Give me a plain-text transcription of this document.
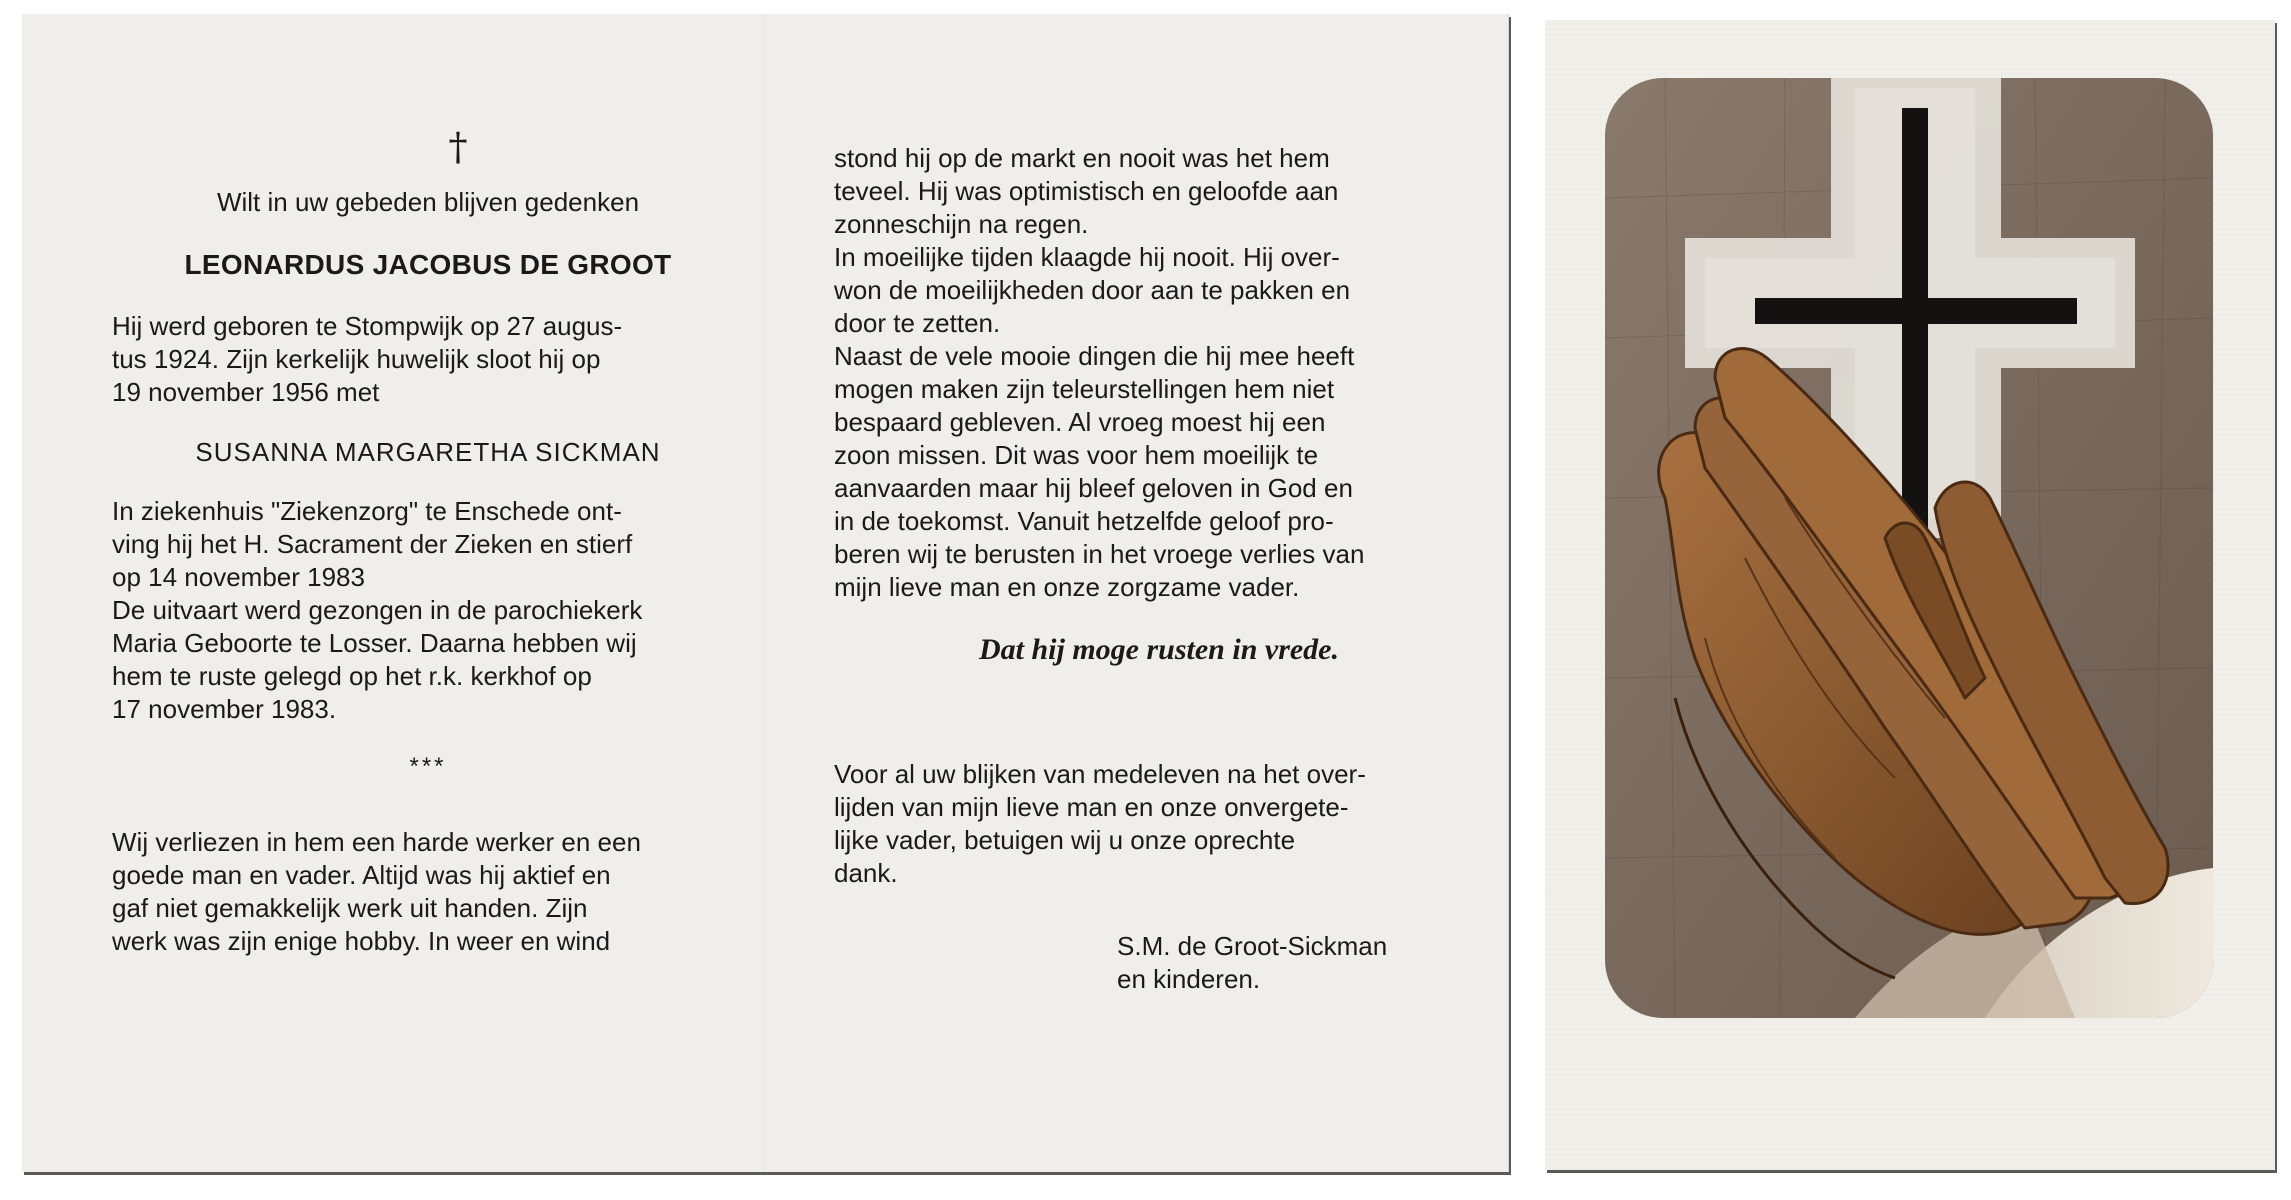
†
Wilt in uw gebeden blijven gedenken
LEONARDUS JACOBUS DE GROOT
Hij werd geboren te Stompwijk op 27 augus-
tus 1924. Zijn kerkelijk huwelijk sloot hij op
19 november 1956 met
SUSANNA MARGARETHA SICKMAN
In ziekenhuis "Ziekenzorg" te Enschede ont-
ving hij het H. Sacrament der Zieken en stierf
op 14 november 1983
De uitvaart werd gezongen in de parochiekerk
Maria Geboorte te Losser. Daarna hebben wij
hem te ruste gelegd op het r.k. kerkhof op
17 november 1983.
***
Wij verliezen in hem een harde werker en een
goede man en vader. Altijd was hij aktief en
gaf niet gemakkelijk werk uit handen. Zijn
werk was zijn enige hobby. In weer en wind
stond hij op de markt en nooit was het hem
teveel. Hij was optimistisch en geloofde aan
zonneschijn na regen.
In moeilijke tijden klaagde hij nooit. Hij over-
won de moeilijkheden door aan te pakken en
door te zetten.
Naast de vele mooie dingen die hij mee heeft
mogen maken zijn teleurstellingen hem niet
bespaard gebleven. Al vroeg moest hij een
zoon missen. Dit was voor hem moeilijk te
aanvaarden maar hij bleef geloven in God en
in de toekomst. Vanuit hetzelfde geloof pro-
beren wij te berusten in het vroege verlies van
mijn lieve man en onze zorgzame vader.
Dat hij moge rusten in vrede.
Voor al uw blijken van medeleven na het over-
lijden van mijn lieve man en onze onvergete-
lijke vader, betuigen wij u onze oprechte
dank.
S.M. de Groot-Sickman
en kinderen.
